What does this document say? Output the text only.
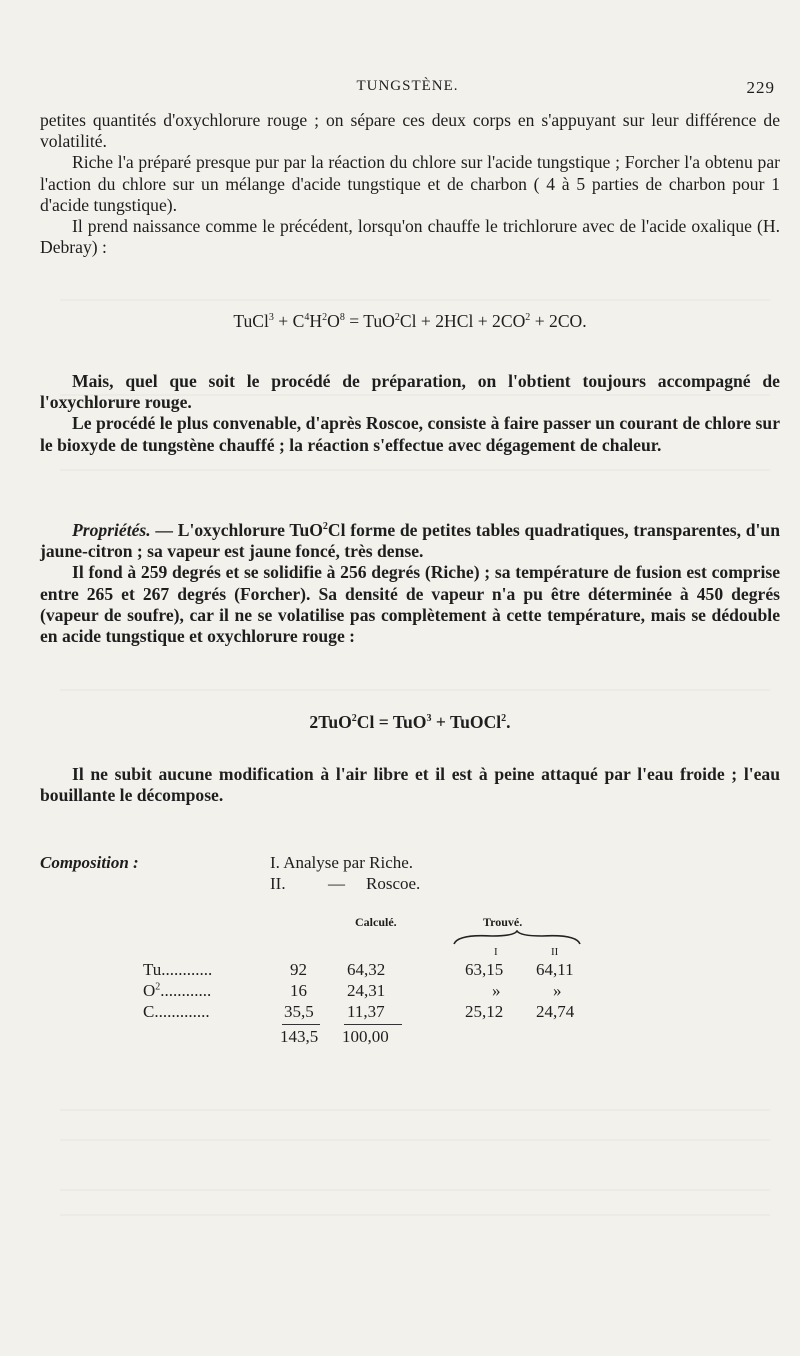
TUNGSTÈNE.	229

petites quantités d'oxychlorure rouge ; on sépare ces deux corps en s'appuyant sur leur différence de volatilité.

Riche l'a préparé presque pur par la réaction du chlore sur l'acide tungstique ; Forcher l'a obtenu par l'action du chlore sur un mélange d'acide tungstique et de charbon ( 4 à 5 parties de charbon pour 1 d'acide tungstique).

Il prend naissance comme le précédent, lorsqu'on chauffe le trichlorure avec de l'acide oxalique (H. Debray) :

TuCl$^3$ + $C^4H^2O^8 = TuO^2Cl + 2HCl + 2CO^2 + 2CO$.

Mais, quel que soit le procédé de préparation, on l'obtient toujours accompagné de l'oxychlorure rouge.

Le procédé le plus convenable, d'après Roscoe, consiste à faire passer un courant de chlore sur le bioxyde de tungstène chauffé ; la réaction s'effectue avec dégagement de chaleur.

Propriétés. — L'oxychlorure TuO$^2$Cl forme de petites tables quadratiques, transparentes, d'un jaune-citron ; sa vapeur est jaune foncé, très dense.

Il fond à 259 degrés et se solidifie à 256 degrés (Riche) ; sa température de fusion est comprise entre 265 et 267 degrés (Forcher). Sa densité de vapeur n'a pu être déterminée à 450 degrés (vapeur de soufre), car il ne se volatilise pas complètement à cette température, mais se dédouble en acide tungstique et oxychlorure rouge :

2TuO$^2$Cl = TuO$^3$ + TuOCl$^2$.

Il ne subit aucune modification à l'air libre et il est à peine attaqué par l'eau froide ; l'eau bouillante le décompose.

Composition :	I. Analyse par Riche.
II. — Roscoe.
Calculé.	Trouvé.
I	II
Tu............	92 64,32	63,15 64,11
$O^2$............	16 24,31	»	»
C.............	35,5 11,37	25,12 24,74
143,5 100,00
